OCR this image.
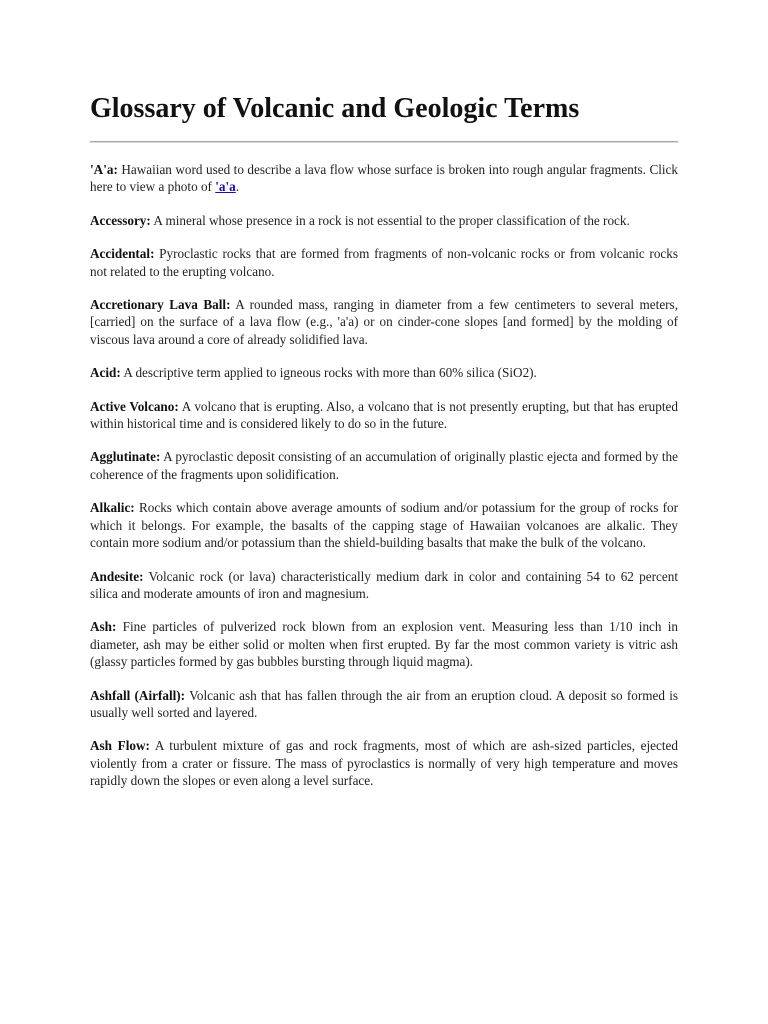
Glossary of Volcanic and Geologic Terms

'A'a: Hawaiian word used to describe a lava flow whose surface is broken into rough angular fragments. Click here to view a photo of 'a'a.

Accessory: A mineral whose presence in a rock is not essential to the proper classification of the rock.

Accidental: Pyroclastic rocks that are formed from fragments of non-volcanic rocks or from volcanic rocks not related to the erupting volcano.

Accretionary Lava Ball: A rounded mass, ranging in diameter from a few centimeters to several meters, [carried] on the surface of a lava flow (e.g., 'a'a) or on cinder-cone slopes [and formed] by the molding of viscous lava around a core of already solidified lava.

Acid: A descriptive term applied to igneous rocks with more than 60% silica (SiO2).

Active Volcano: A volcano that is erupting. Also, a volcano that is not presently erupting, but that has erupted within historical time and is considered likely to do so in the future.

Agglutinate: A pyroclastic deposit consisting of an accumulation of originally plastic ejecta and formed by the coherence of the fragments upon solidification.

Alkalic: Rocks which contain above average amounts of sodium and/or potassium for the group of rocks for which it belongs. For example, the basalts of the capping stage of Hawaiian volcanoes are alkalic. They contain more sodium and/or potassium than the shield-building basalts that make the bulk of the volcano.

Andesite: Volcanic rock (or lava) characteristically medium dark in color and containing 54 to 62 percent silica and moderate amounts of iron and magnesium.

Ash: Fine particles of pulverized rock blown from an explosion vent. Measuring less than 1/10 inch in diameter, ash may be either solid or molten when first erupted. By far the most common variety is vitric ash (glassy particles formed by gas bubbles bursting through liquid magma).

Ashfall (Airfall): Volcanic ash that has fallen through the air from an eruption cloud. A deposit so formed is usually well sorted and layered.

Ash Flow: A turbulent mixture of gas and rock fragments, most of which are ash-sized particles, ejected violently from a crater or fissure. The mass of pyroclastics is normally of very high temperature and moves rapidly down the slopes or even along a level surface.
